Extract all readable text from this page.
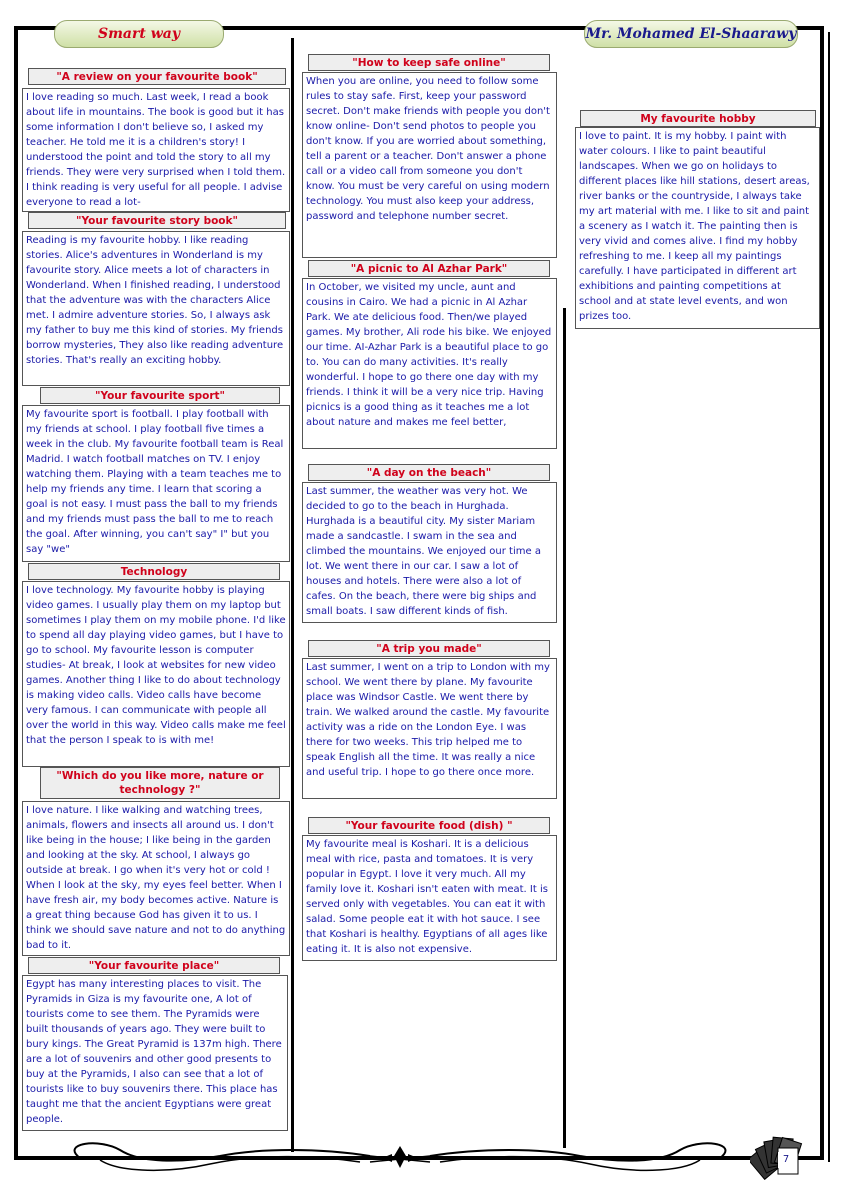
Smart way	Mr. Mohamed El-Shaarawy
"A review on your favourite book"
I love reading so much. Last week, I read a book about life in mountains. The book is good but it has some information I don't believe so, I asked my teacher. He told me it is a children's story! I understood the point and told the story to all my friends. They were very surprised when I told them. I think reading is very useful for all people. I advise everyone to read a lot-
"Your favourite story book"
Reading is my favourite hobby. I like reading stories. Alice's adventures in Wonderland is my favourite story. Alice meets a lot of characters in Wonderland. When I finished reading, I understood that the adventure was with the characters Alice met. I admire adventure stories. So, I always ask my father to buy me this kind of stories. My friends borrow mysteries, They also like reading adventure stories. That's really an exciting hobby.
"Your favourite sport"
My favourite sport is football. I play football with my friends at school. I play football five times a week in the club. My favourite football team is Real Madrid. I watch football matches on TV. I enjoy watching them. Playing with a team teaches me to help my friends any time. I learn that scoring a goal is not easy. I must pass the ball to my friends and my friends must pass the ball to me to reach the goal. After winning, you can't say" I" but you say "we"
Technology
I love technology. My favourite hobby is playing video games. I usually play them on my laptop but sometimes I play them on my mobile phone. I'd like to spend all day playing video games, but I have to go to school. My favourite lesson is computer studies- At break, I look at websites for new video games. Another thing I like to do about technology is making video calls. Video calls have become very famous. I can communicate with people all over the world in this way. Video calls make me feel that the person I speak to is with me!
"Which do you like more, nature or technology ?"
I love nature. I like walking and watching trees, animals, flowers and insects all around us. I don't like being in the house; I like being in the garden and looking at the sky. At school, I always go outside at break. I go when it's very hot or cold ! When I look at the sky, my eyes feel better. When I have fresh air, my body becomes active. Nature is a great thing because God has given it to us. I think we should save nature and not to do anything bad to it.
"Your favourite place"
Egypt has many interesting places to visit. The Pyramids in Giza is my favourite one, A lot of tourists come to see them. The Pyramids were built thousands of years ago. They were built to bury kings. The Great Pyramid is 137m high. There are a lot of souvenirs and other good presents to buy at the Pyramids, I also can see that a lot of tourists like to buy souvenirs there. This place has taught me that the ancient Egyptians were great people.
"How to keep safe online"
When you are online, you need to follow some rules to stay safe. First, keep your password secret. Don't make friends with people you don't know online- Don't send photos to people you don't know. If you are worried about something, tell a parent or a teacher. Don't answer a phone call or a video call from someone you don't know. You must be very careful on using modern technology. You must also keep your address, password and telephone number secret.
"A picnic to Al Azhar Park"
In October, we visited my uncle, aunt and cousins in Cairo. We had a picnic in Al Azhar Park. We ate delicious food. Then/we played games. My brother, Ali rode his bike. We enjoyed our time. AI-Azhar Park is a beautiful place to go to. You can do many activities. It's really wonderful. I hope to go there one day with my friends. I think it will be a very nice trip. Having picnics is a good thing as it teaches me a lot about nature and makes me feel better,
"A day on the beach"
Last summer, the weather was very hot. We decided to go to the beach in Hurghada. Hurghada is a beautiful city. My sister Mariam made a sandcastle. I swam in the sea and climbed the mountains. We enjoyed our time a lot. We went there in our car. I saw a lot of houses and hotels. There were also a lot of cafes. On the beach, there were big ships and small boats. I saw different kinds of fish.
"A trip you made"
Last summer, I went on a trip to London with my school. We went there by plane. My favourite place was Windsor Castle. We went there by train. We walked around the castle. My favourite activity was a ride on the London Eye. I was there for two weeks. This trip helped me to speak English all the time. It was really a nice and useful trip. I hope to go there once more.
"Your favourite food (dish) "
My favourite meal is Koshari. It is a delicious meal with rice, pasta and tomatoes. It is very popular in Egypt. I love it very much. All my family love it. Koshari isn't eaten with meat. It is served only with vegetables. You can eat it with salad. Some people eat it with hot sauce. I see that Koshari is healthy. Egyptians of all ages like eating it. It is also not expensive.
My favourite hobby
I love to paint. It is my hobby. I paint with water colours. I like to paint beautiful landscapes. When we go on holidays to different places like hill stations, desert areas, river banks or the countryside, I always take my art material with me. I like to sit and paint a scenery as I watch it. The painting then is very vivid and comes alive. I find my hobby refreshing to me. I keep all my paintings carefully. I have participated in different art exhibitions and painting competitions at school and at state level events, and won prizes too.
7
